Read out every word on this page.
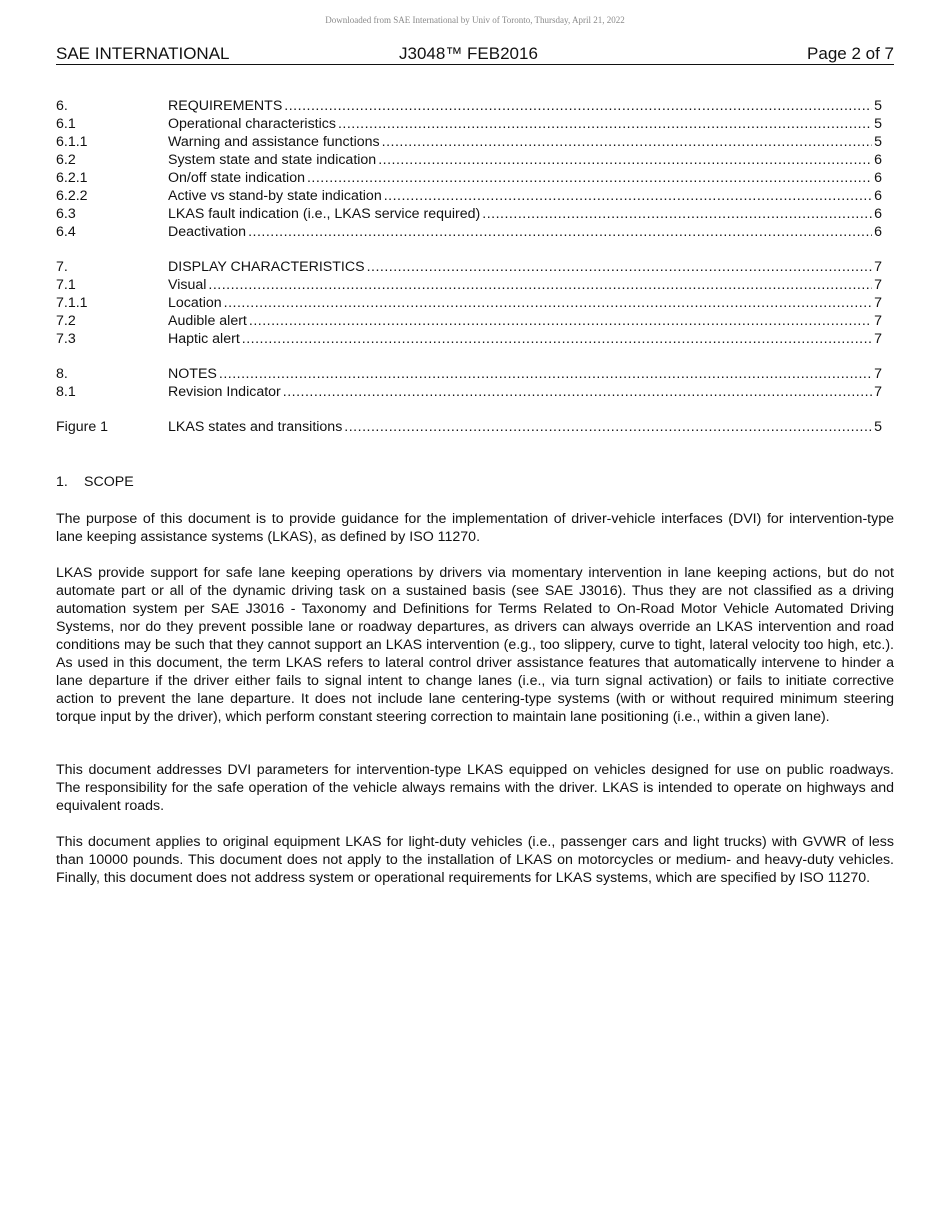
Downloaded from SAE International by Univ of Toronto, Thursday, April 21, 2022
SAE INTERNATIONAL	J3048™ FEB2016	Page 2 of 7
6.	REQUIREMENTS .....	5
6.1	Operational characteristics .....	5
6.1.1	Warning and assistance functions .....	5
6.2	System state and state indication .....	6
6.2.1	On/off state indication .....	6
6.2.2	Active vs stand-by state indication .....	6
6.3	LKAS fault indication (i.e., LKAS service required) .....	6
6.4	Deactivation .....	6
7.	DISPLAY CHARACTERISTICS .....	7
7.1	Visual .....	7
7.1.1	Location .....	7
7.2	Audible alert .....	7
7.3	Haptic alert .....	7
8.	NOTES .....	7
8.1	Revision Indicator .....	7
Figure 1	LKAS states and transitions .....	5
1. SCOPE

The purpose of this document is to provide guidance for the implementation of driver-vehicle interfaces (DVI) for intervention-type lane keeping assistance systems (LKAS), as defined by ISO 11270.

LKAS provide support for safe lane keeping operations by drivers via momentary intervention in lane keeping actions, but do not automate part or all of the dynamic driving task on a sustained basis (see SAE J3016). Thus they are not classified as a driving automation system per SAE J3016 - Taxonomy and Definitions for Terms Related to On-Road Motor Vehicle Automated Driving Systems, nor do they prevent possible lane or roadway departures, as drivers can always override an LKAS intervention and road conditions may be such that they cannot support an LKAS intervention (e.g., too slippery, curve to tight, lateral velocity too high, etc.). As used in this document, the term LKAS refers to lateral control driver assistance features that automatically intervene to hinder a lane departure if the driver either fails to signal intent to change lanes (i.e., via turn signal activation) or fails to initiate corrective action to prevent the lane departure. It does not include lane centering-type systems (with or without required minimum steering torque input by the driver), which perform constant steering correction to maintain lane positioning (i.e., within a given lane).

This document addresses DVI parameters for intervention-type LKAS equipped on vehicles designed for use on public roadways. The responsibility for the safe operation of the vehicle always remains with the driver. LKAS is intended to operate on highways and equivalent roads.

This document applies to original equipment LKAS for light-duty vehicles (i.e., passenger cars and light trucks) with GVWR of less than 10000 pounds. This document does not apply to the installation of LKAS on motorcycles or medium- and heavy-duty vehicles. Finally, this document does not address system or operational requirements for LKAS systems, which are specified by ISO 11270.
